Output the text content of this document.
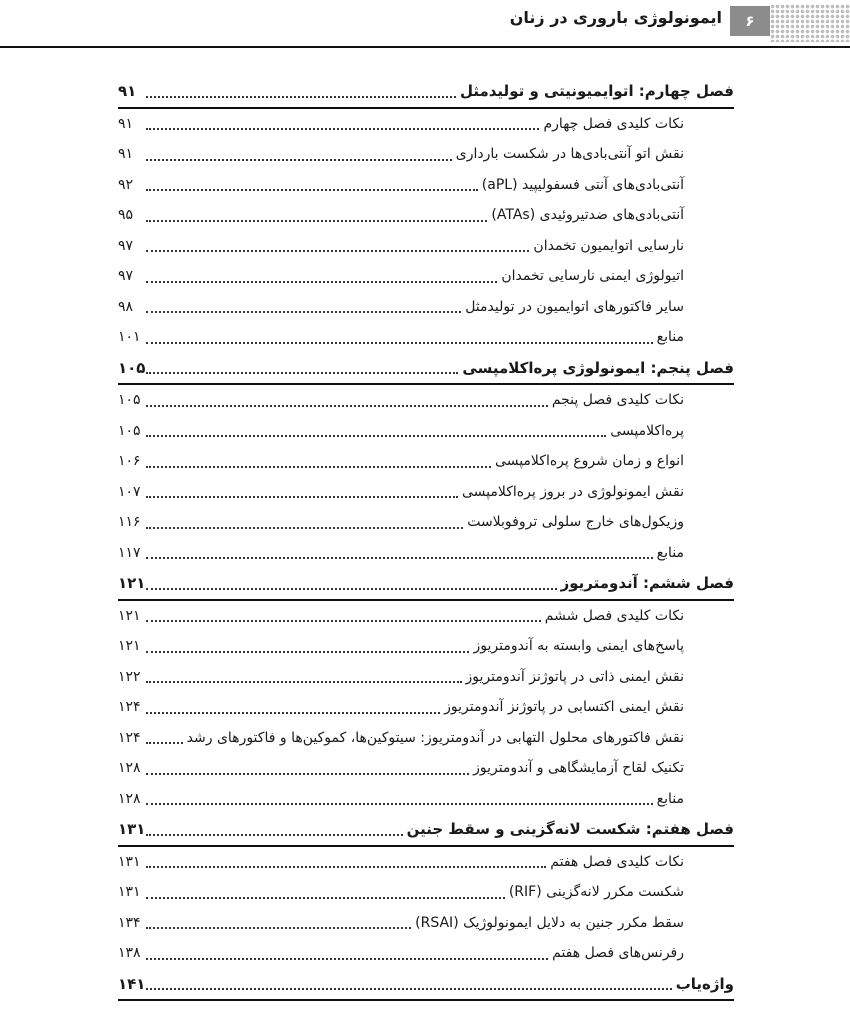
۶
ایمونولوژی باروری در زنان
فصل چهارم: اتوایمیونیتی و تولیدمثل
۹۱
نکات کلیدی فصل چهارم
۹۱
نقش اتو آنتی‌بادی‌ها در شکست بارداری
۹۱
آنتی‌بادی‌های آنتی فسفولیپید (aPL)
۹۲
آنتی‌بادی‌های ضدتیروئیدی (ATAs)
۹۵
نارسایی اتوایمیون تخمدان
۹۷
اتیولوژی ایمنی نارسایی تخمدان
۹۷
سایر فاکتورهای اتوایمیون در تولیدمثل
۹۸
منابع
۱۰۱
فصل پنجم: ایمونولوژی پره‌اکلامپسی
۱۰۵
نکات کلیدی فصل پنجم
۱۰۵
پره‌اکلامپسی
۱۰۵
انواع و زمان شروع پره‌اکلامپسی
۱۰۶
نقش ایمونولوژی در بروز پره‌اکلامپسی
۱۰۷
وزیکول‌های خارج سلولی تروفوبلاست
۱۱۶
منابع
۱۱۷
فصل ششم: آندومتریوز
۱۲۱
نکات کلیدی فصل ششم
۱۲۱
پاسخ‌های ایمنی وابسته به آندومتریوز
۱۲۱
نقش ایمنی ذاتی در پاتوژنز آندومتریوز
۱۲۲
نقش ایمنی اکتسابی در پاتوژنز آندومتریوز
۱۲۴
نقش فاکتورهای محلول التهابی در آندومتریوز: سیتوکین‌ها، کموکین‌ها و فاکتورهای رشد
۱۲۴
تکنیک لقاح آزمایشگاهی و آندومتریوز
۱۲۸
منابع
۱۲۸
فصل هفتم: شکست لانه‌گزینی و سقط جنین
۱۳۱
نکات کلیدی فصل هفتم
۱۳۱
شکست مکرر لانه‌گزینی (RIF)
۱۳۱
سقط مکرر جنین به دلایل ایمونولوژیک (RSAI)
۱۳۴
رفرنس‌های فصل هفتم
۱۳۸
واژه‌یاب
۱۴۱
